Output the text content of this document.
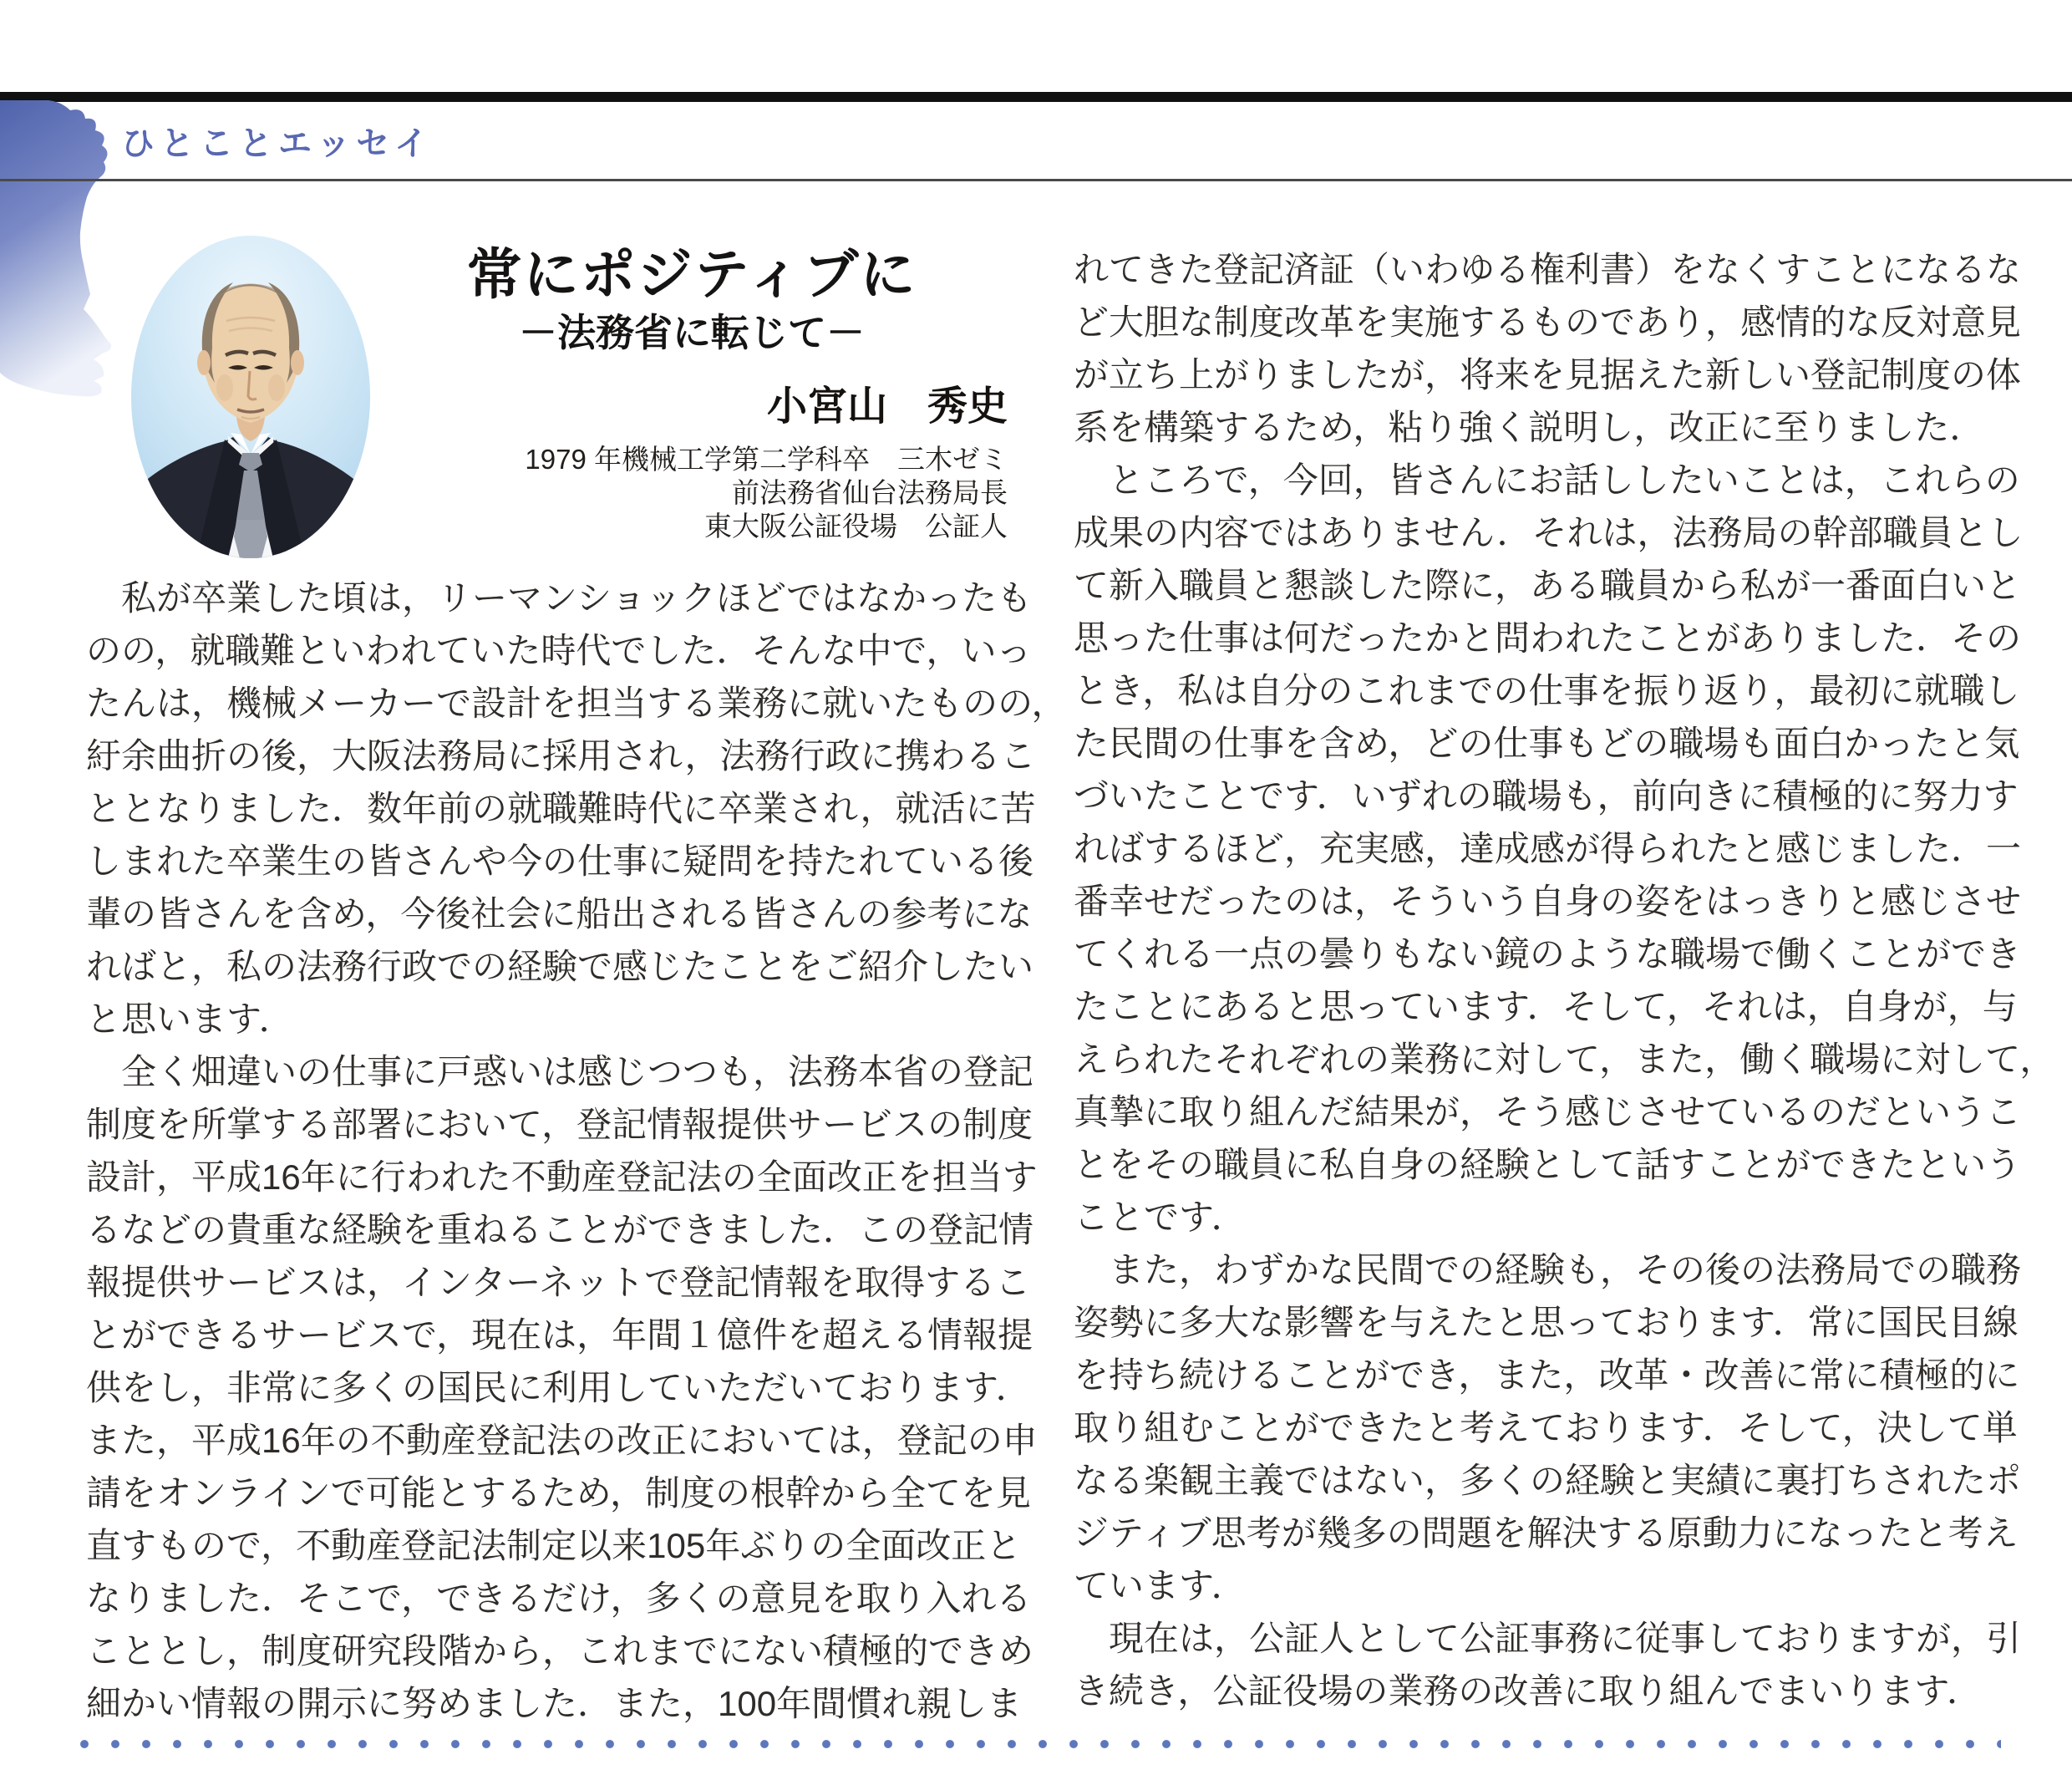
ひとことエッセイ
常にポジティブに
－法務省に転じて－
小宮山　秀史
1979 年機械工学第二学科卒　三木ゼミ
前法務省仙台法務局長
東大阪公証役場　公証人
　私が卒業した頃は，リーマンショックほどではなかったも
のの，就職難といわれていた時代でした．そんな中で，いっ
たんは，機械メーカーで設計を担当する業務に就いたものの，
紆余曲折の後，大阪法務局に採用され，法務行政に携わるこ
ととなりました．数年前の就職難時代に卒業され，就活に苦
しまれた卒業生の皆さんや今の仕事に疑問を持たれている後
輩の皆さんを含め，今後社会に船出される皆さんの参考にな
ればと，私の法務行政での経験で感じたことをご紹介したい
と思います．
　全く畑違いの仕事に戸惑いは感じつつも，法務本省の登記
制度を所掌する部署において，登記情報提供サービスの制度
設計，平成16年に行われた不動産登記法の全面改正を担当す
るなどの貴重な経験を重ねることができました．この登記情
報提供サービスは，インターネットで登記情報を取得するこ
とができるサービスで，現在は，年間１億件を超える情報提
供をし，非常に多くの国民に利用していただいております．
また，平成16年の不動産登記法の改正においては，登記の申
請をオンラインで可能とするため，制度の根幹から全てを見
直すもので，不動産登記法制定以来105年ぶりの全面改正と
なりました．そこで，できるだけ，多くの意見を取り入れる
こととし，制度研究段階から，これまでにない積極的できめ
細かい情報の開示に努めました．また，100年間慣れ親しま
れてきた登記済証（いわゆる権利書）をなくすことになるな
ど大胆な制度改革を実施するものであり，感情的な反対意見
が立ち上がりましたが，将来を見据えた新しい登記制度の体
系を構築するため，粘り強く説明し，改正に至りました．
　ところで，今回，皆さんにお話ししたいことは，これらの
成果の内容ではありません．それは，法務局の幹部職員とし
て新入職員と懇談した際に，ある職員から私が一番面白いと
思った仕事は何だったかと問われたことがありました．その
とき，私は自分のこれまでの仕事を振り返り，最初に就職し
た民間の仕事を含め，どの仕事もどの職場も面白かったと気
づいたことです．いずれの職場も，前向きに積極的に努力す
ればするほど，充実感，達成感が得られたと感じました．一
番幸せだったのは，そういう自身の姿をはっきりと感じさせ
てくれる一点の曇りもない鏡のような職場で働くことができ
たことにあると思っています．そして，それは，自身が，与
えられたそれぞれの業務に対して，また，働く職場に対して，
真摯に取り組んだ結果が，そう感じさせているのだというこ
とをその職員に私自身の経験として話すことができたという
ことです．
　また，わずかな民間での経験も，その後の法務局での職務
姿勢に多大な影響を与えたと思っております．常に国民目線
を持ち続けることができ，また，改革・改善に常に積極的に
取り組むことができたと考えております．そして，決して単
なる楽観主義ではない，多くの経験と実績に裏打ちされたポ
ジティブ思考が幾多の問題を解決する原動力になったと考え
ています．
　現在は，公証人として公証事務に従事しておりますが，引
き続き，公証役場の業務の改善に取り組んでまいります．
